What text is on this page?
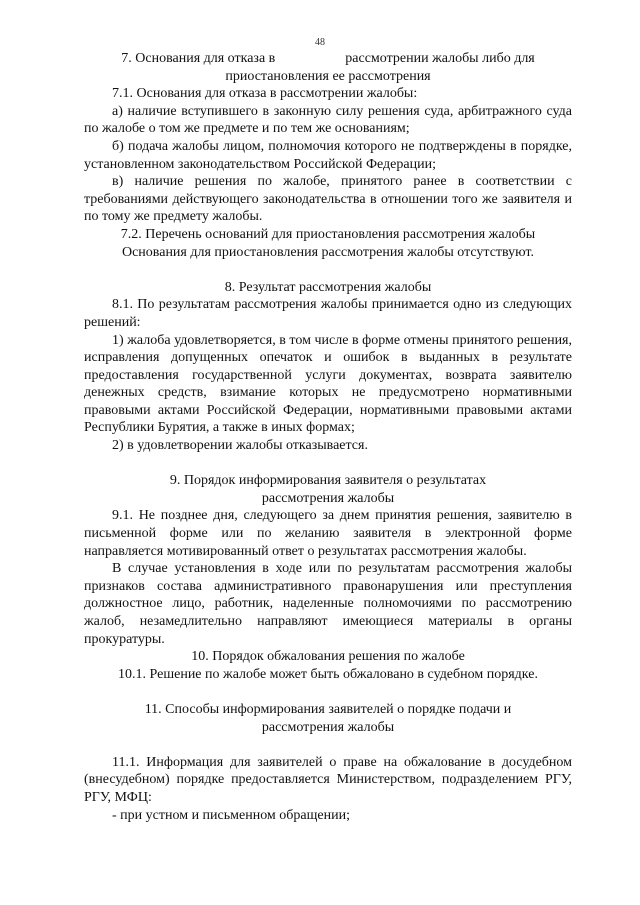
48

7. Основания для отказа в                    рассмотрении жалобы либо для

приостановления ее рассмотрения

7.1. Основания для отказа в рассмотрении жалобы:

а) наличие вступившего в законную силу решения суда, арбитражного суда по жалобе о том же предмете и по тем же основаниям;

б) подача жалобы лицом, полномочия которого не подтверждены в порядке, установленном законодательством Российской Федерации;

в) наличие решения по жалобе, принятого ранее в соответствии с требованиями действующего законодательства в отношении того же заявителя и по тому же предмету жалобы.

7.2. Перечень оснований для приостановления рассмотрения жалобы

Основания для приостановления рассмотрения жалобы отсутствуют.

8. Результат рассмотрения жалобы

8.1. По результатам рассмотрения жалобы принимается одно из следующих решений:

1) жалоба удовлетворяется, в том числе в форме отмены принятого решения, исправления допущенных опечаток и ошибок в выданных в результате предоставления государственной услуги документах, возврата заявителю денежных средств, взимание которых не предусмотрено нормативными правовыми актами Российской Федерации, нормативными правовыми актами Республики Бурятия, а также в иных формах;

2) в удовлетворении жалобы отказывается.

9. Порядок информирования заявителя о результатах

рассмотрения жалобы

9.1. Не позднее дня, следующего за днем принятия решения, заявителю в письменной форме или по желанию заявителя в электронной форме направляется мотивированный ответ о результатах рассмотрения жалобы.

В случае установления в ходе или по результатам рассмотрения жалобы признаков состава административного правонарушения или преступления должностное лицо, работник, наделенные полномочиями по рассмотрению жалоб, незамедлительно направляют имеющиеся материалы в органы прокуратуры.

10. Порядок обжалования решения по жалобе

10.1. Решение по жалобе может быть обжаловано в судебном порядке.

11. Способы информирования заявителей о порядке подачи и

рассмотрения жалобы

11.1. Информация для заявителей о праве на обжалование в досудебном (внесудебном) порядке предоставляется Министерством, подразделением РГУ, РГУ, МФЦ:

- при устном и письменном обращении;
